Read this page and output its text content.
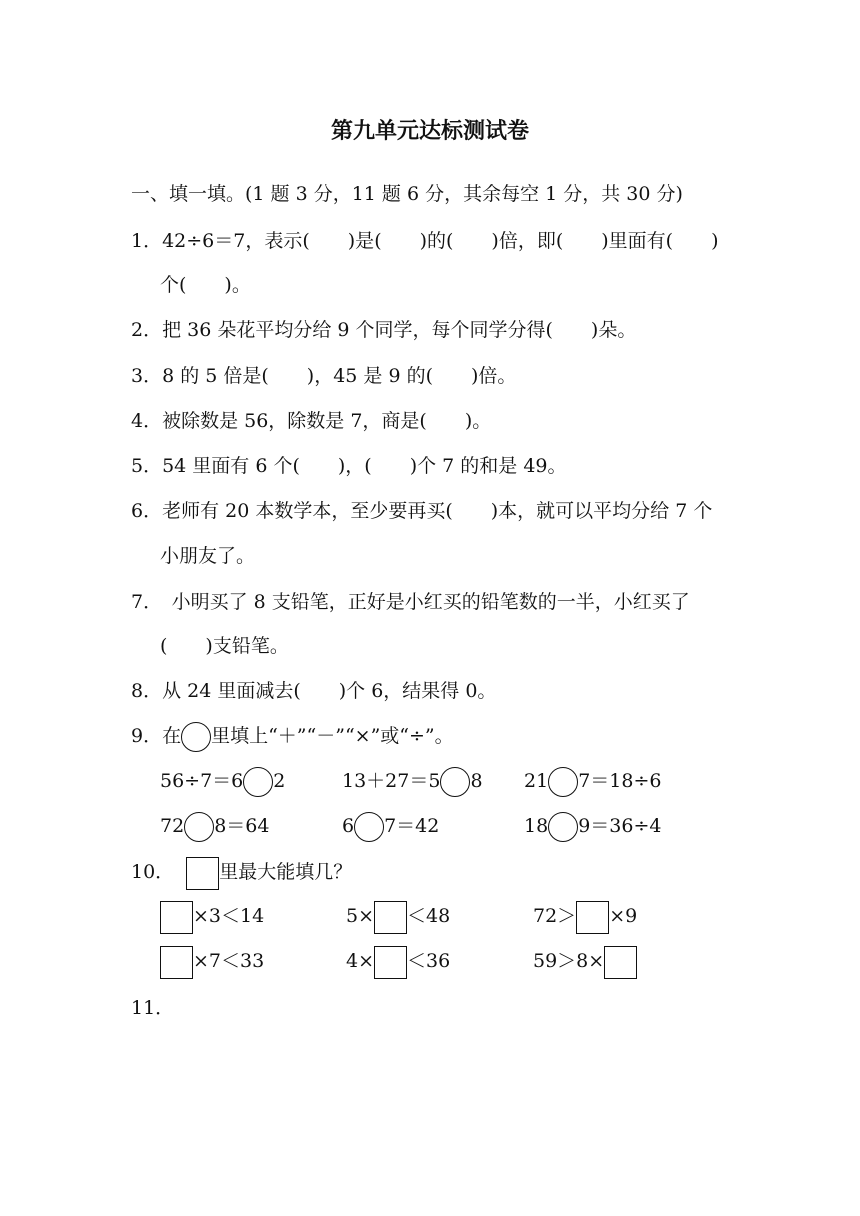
第九单元达标测试卷
一、填一填。(1 题 3 分，11 题 6 分，其余每空 1 分，共 30 分)
1．42÷6＝7，表示(　　)是(　　)的(　　)倍，即(　　)里面有(　　)
个(　　)。
2．把 36 朵花平均分给 9 个同学，每个同学分得(　　)朵。
3．8 的 5 倍是(　　)，45 是 9 的(　　)倍。
4．被除数是 56，除数是 7，商是(　　)。
5．54 里面有 6 个(　　)，(　　)个 7 的和是 49。
6．老师有 20 本数学本，至少要再买(　　)本，就可以平均分给 7 个
小朋友了。
7．　小明买了 8 支铅笔，正好是小红买的铅笔数的一半，小红买了
(　　)支铅笔。
8．从 24 里面减去(　　)个 6，结果得 0。
9．在 里填上“＋”“－”“×”或“÷”。
56÷7＝6 2	13＋27＝5 8 21 7＝18÷6
72 8＝64	6 7＝42	18 9＝36÷4
10． 里最大能填几？
×3＜14	5× ＜48	72＞ ×9
×7＜33	4× ＜36	59＞8×
11．
